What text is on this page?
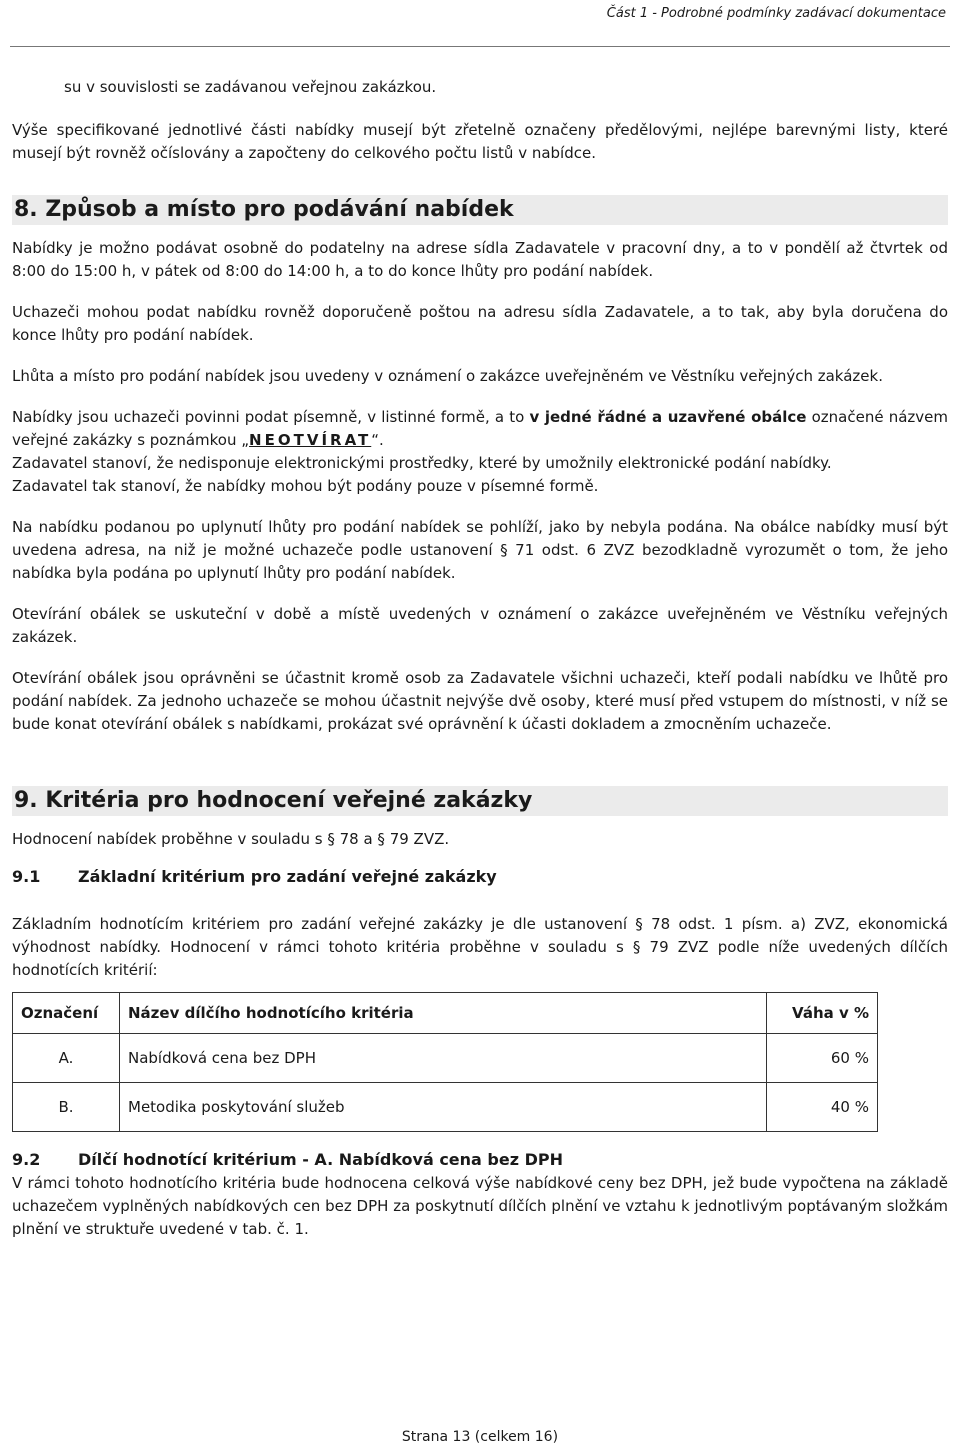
Část 1 - Podrobné podmínky zadávací dokumentace

su v souvislosti se zadávanou veřejnou zakázkou.

Výše specifikované jednotlivé části nabídky musejí být zřetelně označeny předělovými, nejlépe barevnými listy, které musejí být rovněž očíslovány a započteny do celkového počtu listů v nabídce.

8. Způsob a místo pro podávání nabídek

Nabídky je možno podávat osobně do podatelny na adrese sídla Zadavatele v pracovní dny, a to v pondělí až čtvrtek od 8:00 do 15:00 h, v pátek od 8:00 do 14:00 h, a to do konce lhůty pro podání nabídek.

Uchazeči mohou podat nabídku rovněž doporučeně poštou na adresu sídla Zadavatele, a to tak, aby byla doručena do konce lhůty pro podání nabídek.

Lhůta a místo pro podání nabídek jsou uvedeny v oznámení o zakázce uveřejněném ve Věstníku veřejných zakázek.

Nabídky jsou uchazeči povinni podat písemně, v listinné formě, a to v jedné řádné a uzavřené obálce označené názvem veřejné zakázky s poznámkou „NEOTVÍRAT“.

Zadavatel stanoví, že nedisponuje elektronickými prostředky, které by umožnily elektronické podání nabídky.

Zadavatel tak stanoví, že nabídky mohou být podány pouze v písemné formě.

Na nabídku podanou po uplynutí lhůty pro podání nabídek se pohlíží, jako by nebyla podána. Na obálce nabídky musí být uvedena adresa, na niž je možné uchazeče podle ustanovení § 71 odst. 6 ZVZ bezodkladně vyrozumět o tom, že jeho nabídka byla podána po uplynutí lhůty pro podání nabídek.

Otevírání obálek se uskuteční v době a místě uvedených v oznámení o zakázce uveřejněném ve Věstníku veřejných zakázek.

Otevírání obálek jsou oprávněni se účastnit kromě osob za Zadavatele všichni uchazeči, kteří podali nabídku ve lhůtě pro podání nabídek. Za jednoho uchazeče se mohou účastnit nejvýše dvě osoby, které musí před vstupem do místnosti, v níž se bude konat otevírání obálek s nabídkami, prokázat své oprávnění k účasti dokladem a zmocněním uchazeče.

9. Kritéria pro hodnocení veřejné zakázky

Hodnocení nabídek proběhne v souladu s § 78 a § 79 ZVZ.

9.1	Základní kritérium pro zadání veřejné zakázky

Základním hodnotícím kritériem pro zadání veřejné zakázky je dle ustanovení § 78 odst. 1 písm. a) ZVZ, ekonomická výhodnost nabídky. Hodnocení v rámci tohoto kritéria proběhne v souladu s § 79 ZVZ podle níže uvedených dílčích hodnotících kritérií:

Označení	Název dílčího hodnotícího kritéria	Váha v %
A.	Nabídková cena bez DPH	60 %
B.	Metodika poskytování služeb	40 %
9.2	Dílčí hodnotící kritérium - A. Nabídková cena bez DPH

V rámci tohoto hodnotícího kritéria bude hodnocena celková výše nabídkové ceny bez DPH, jež bude vypočtena na základě uchazečem vyplněných nabídkových cen bez DPH za poskytnutí dílčích plnění ve vztahu k jednotlivým poptávaným složkám plnění ve struktuře uvedené v tab. č. 1.

Strana 13 (celkem 16)
